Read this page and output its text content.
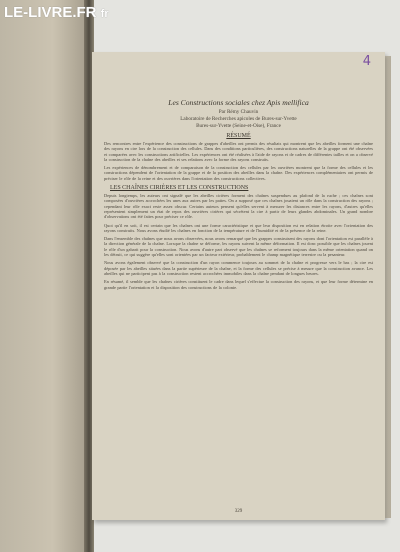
4
Les Constructions sociales chez Apis mellifica
Par Rémy Chauvin
Laboratoire de Recherches apicoles de Bures-sur-Yvette
Bures-sur-Yvette (Seine-et-Oise), France
RÉSUMÉ

Des rencontres entre l'expérience des constructions de grappes d'abeilles ont permis des résultats qui montrent que les abeilles forment une chaîne des rayons en cire lors de la construction des cellules. Dans des conditions particulières, des constructions naturelles de la grappe ont été observées et comparées avec les constructions artificielles. Les expériences ont été réalisées à l'aide de rayons et de cadres de différentes tailles et on a observé la construction de la chaîne des abeilles et ses relations avec la forme des rayons construits.

Les expériences de dénombrement et de comparaison de la construction des cellules par les ouvrières montrent que la forme des cellules et les constructions dépendent de l'orientation de la grappe et de la position des abeilles dans la chaîne. Des expériences complémentaires ont permis de préciser le rôle de la reine et des ouvrières dans l'orientation des constructions collectives.

LES CHAÎNES CIRIÈRES ET LES CONSTRUCTIONS

Depuis longtemps, les auteurs ont signalé que les abeilles cirières forment des chaînes suspendues au plafond de la ruche ; ces chaînes sont composées d'ouvrières accrochées les unes aux autres par les pattes. On a supposé que ces chaînes jouaient un rôle dans la construction des rayons ; cependant leur rôle exact reste assez obscur. Certains auteurs pensent qu'elles servent à mesurer les distances entre les rayons, d'autres qu'elles représentent simplement un état de repos des ouvrières cirières qui sécrètent la cire à partir de leurs glandes abdominales. Un grand nombre d'observations ont été faites pour préciser ce rôle.

Quoi qu'il en soit, il est certain que les chaînes ont une forme caractéristique et que leur disposition est en relation étroite avec l'orientation des rayons construits. Nous avons étudié les chaînes en fonction de la température et de l'humidité et de la présence de la reine.

Dans l'ensemble des chaînes que nous avons observées, nous avons remarqué que les grappes construisent des rayons dont l'orientation est parallèle à la direction générale de la chaîne. Lorsque la chaîne se déforme, les rayons suivent la même déformation. Il est donc possible que les chaînes jouent le rôle d'un gabarit pour la construction. Nous avons d'autre part observé que les chaînes se reforment toujours dans la même orientation quand on les détruit, ce qui suggère qu'elles sont orientées par un facteur extérieur, probablement le champ magnétique terrestre ou la pesanteur.

Nous avons également observé que la construction d'un rayon commence toujours au sommet de la chaîne et progresse vers le bas ; la cire est déposée par les abeilles situées dans la partie supérieure de la chaîne, et la forme des cellules se précise à mesure que la construction avance. Les abeilles qui ne participent pas à la construction restent accrochées immobiles dans la chaîne pendant de longues heures.

En résumé, il semble que les chaînes cirières constituent le cadre dans lequel s'effectue la construction des rayons, et que leur forme détermine en grande partie l'orientation et la disposition des constructions de la colonie.

329
LE-LIVRE.FR fr
